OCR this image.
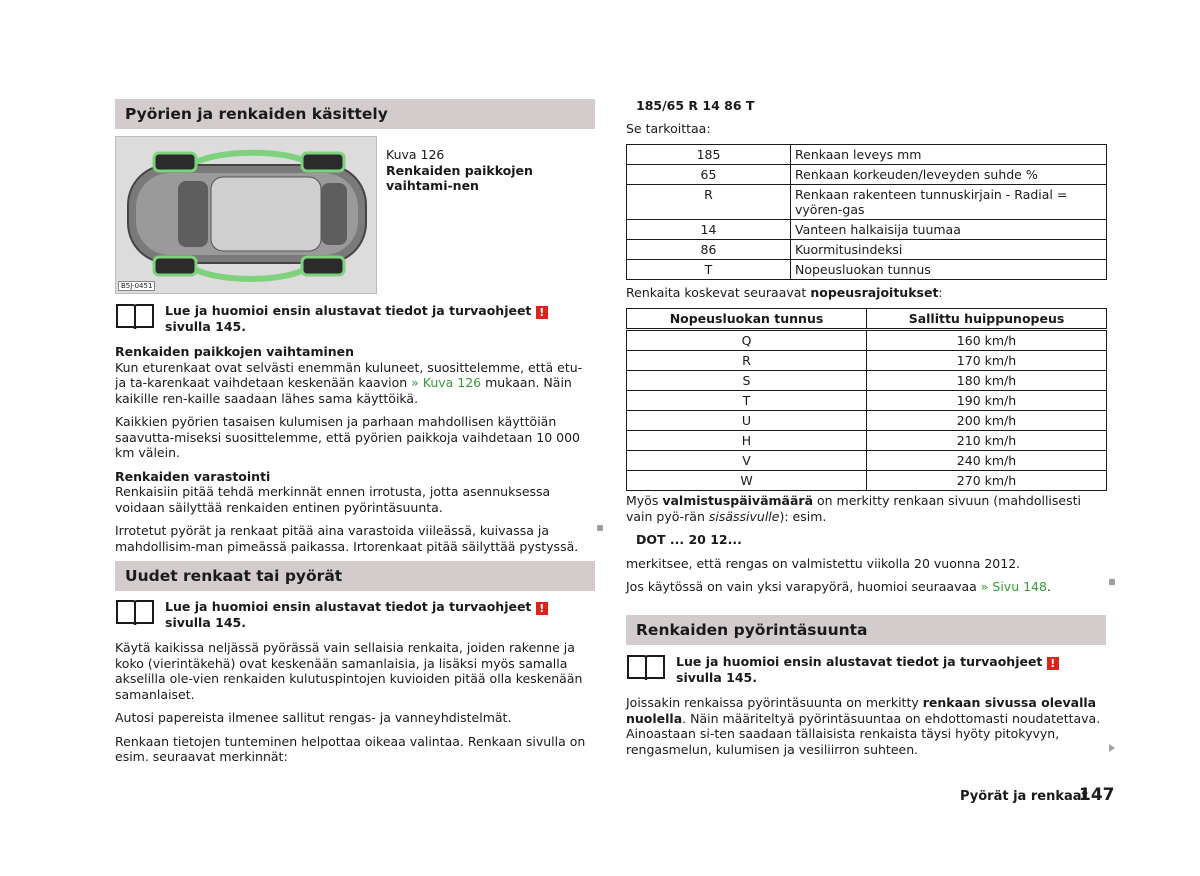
Pyörien ja renkaiden käsittely
B5J-0451

Kuva 126

Renkaiden paikkojen vaihtami-nen

Lue ja huomioi ensin alustavat tiedot ja turvaohjeet ! sivulla 145.

Renkaiden paikkojen vaihtaminen

Kun eturenkaat ovat selvästi enemmän kuluneet, suosittelemme, että etu- ja ta-karenkaat vaihdetaan keskenään kaavion » Kuva 126 mukaan. Näin kaikille ren-kaille saadaan lähes sama käyttöikä.

Kaikkien pyörien tasaisen kulumisen ja parhaan mahdollisen käyttöiän saavutta-miseksi suosittelemme, että pyörien paikkoja vaihdetaan 10 000 km välein.

Renkaiden varastointi

Renkaisiin pitää tehdä merkinnät ennen irrotusta, jotta asennuksessa voidaan säilyttää renkaiden entinen pyörintäsuunta.

Irrotetut pyörät ja renkaat pitää aina varastoida viileässä, kuivassa ja mahdollisim-man pimeässä paikassa. Irtorenkaat pitää säilyttää pystyssä.

Uudet renkaat tai pyörät
Lue ja huomioi ensin alustavat tiedot ja turvaohjeet ! sivulla 145.

Käytä kaikissa neljässä pyörässä vain sellaisia renkaita, joiden rakenne ja koko (vierintäkehä) ovat keskenään samanlaisia, ja lisäksi myös samalla akselilla ole-vien renkaiden kulutuspintojen kuvioiden pitää olla keskenään samanlaiset.

Autosi papereista ilmenee sallitut rengas- ja vanneyhdistelmät.

Renkaan tietojen tunteminen helpottaa oikeaa valintaa. Renkaan sivulla on esim. seuraavat merkinnät:

185/65 R 14 86 T
Se tarkoittaa:
185	Renkaan leveys mm
65	Renkaan korkeuden/leveyden suhde %
R	Renkaan rakenteen tunnuskirjain - Radial = vyören-gas
14	Vanteen halkaisija tuumaa
86	Kuormitusindeksi
T	Nopeusluokan tunnus
Renkaita koskevat seuraavat nopeusrajoitukset:
Nopeusluokan tunnus	Sallittu huippunopeus
Q	160 km/h
R	170 km/h
S	180 km/h
T	190 km/h
U	200 km/h
H	210 km/h
V	240 km/h
W	270 km/h

Myös valmistuspäivämäärä on merkitty renkaan sivuun (mahdollisesti vain pyö-rän sisässivulle): esim.

DOT ... 20 12...

merkitsee, että rengas on valmistettu viikolla 20 vuonna 2012.

Jos käytössä on vain yksi varapyörä, huomioi seuraavaa » Sivu 148.

Renkaiden pyörintäsuunta
Lue ja huomioi ensin alustavat tiedot ja turvaohjeet ! sivulla 145.

Joissakin renkaissa pyörintäsuunta on merkitty renkaan sivussa olevalla nuolella. Näin määriteltyä pyörintäsuuntaa on ehdottomasti noudatettava. Ainoastaan si-ten saadaan tällaisista renkaista täysi hyöty pitokyvyn, rengasmelun, kulumisen ja vesiliirron suhteen.

Pyörät ja renkaat
147
